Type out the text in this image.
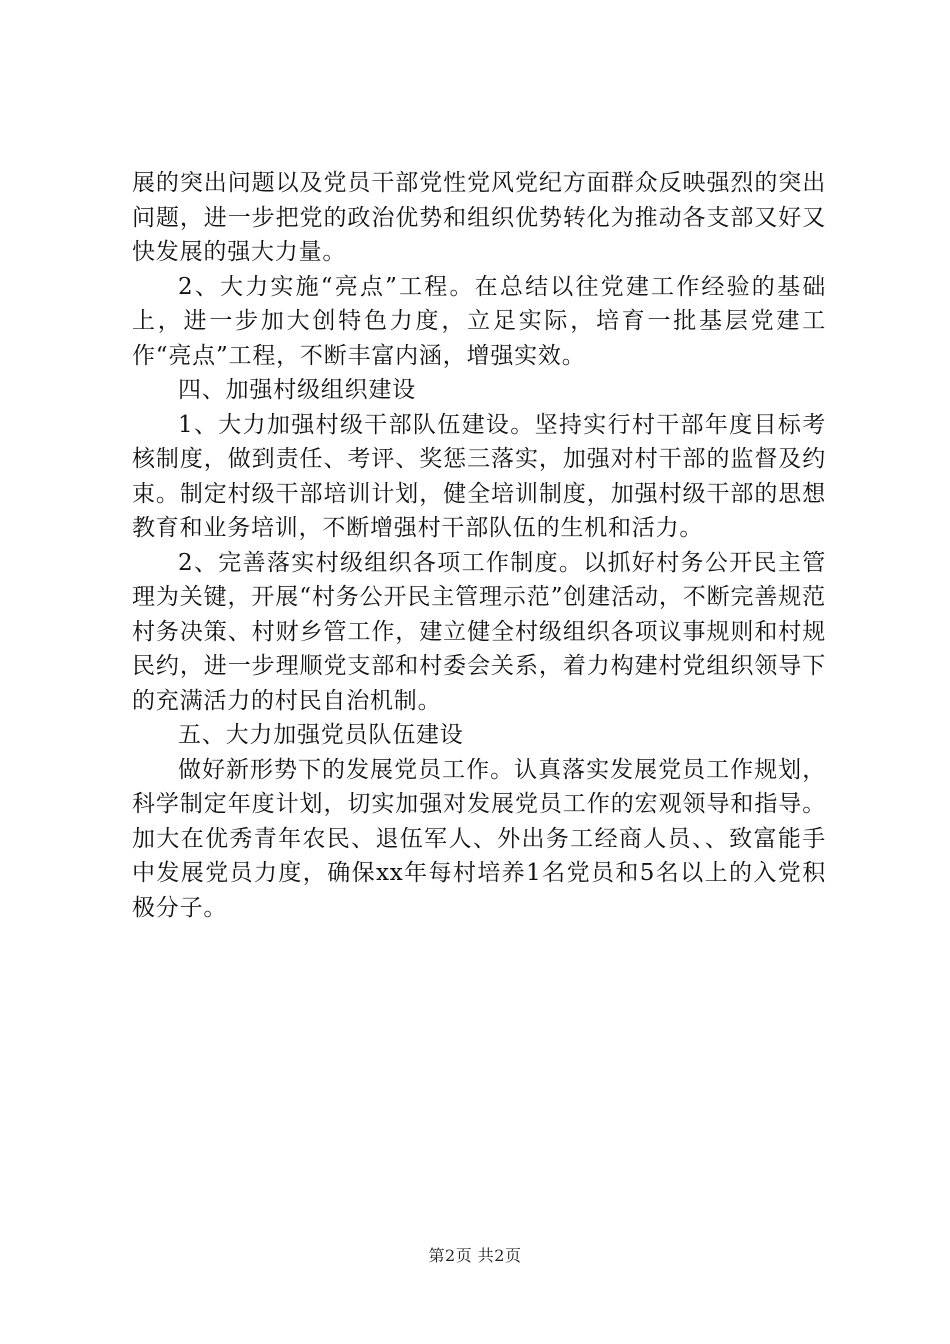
展的突出问题以及党员干部党性党风党纪方面群众反映强烈的突出问题，进一步把党的政治优势和组织优势转化为推动各支部又好又快发展的强大力量。

2、大力实施“亮点”工程。在总结以往党建工作经验的基础上，进一步加大创特色力度，立足实际，培育一批基层党建工作“亮点”工程，不断丰富内涵，增强实效。

四、加强村级组织建设

1、大力加强村级干部队伍建设。坚持实行村干部年度目标考核制度，做到责任、考评、奖惩三落实，加强对村干部的监督及约束。制定村级干部培训计划，健全培训制度，加强村级干部的思想教育和业务培训，不断增强村干部队伍的生机和活力。

2、完善落实村级组织各项工作制度。以抓好村务公开民主管理为关键，开展“村务公开民主管理示范”创建活动，不断完善规范村务决策、村财乡管工作，建立健全村级组织各项议事规则和村规民约，进一步理顺党支部和村委会关系，着力构建村党组织领导下的充满活力的村民自治机制。

五、大力加强党员队伍建设

做好新形势下的发展党员工作。认真落实发展党员工作规划，科学制定年度计划，切实加强对发展党员工作的宏观领导和指导。加大在优秀青年农民、退伍军人、外出务工经商人员、、致富能手中发展党员力度，确保xx年每村培养1名党员和5名以上的入党积极分子。

第2页 共2页
